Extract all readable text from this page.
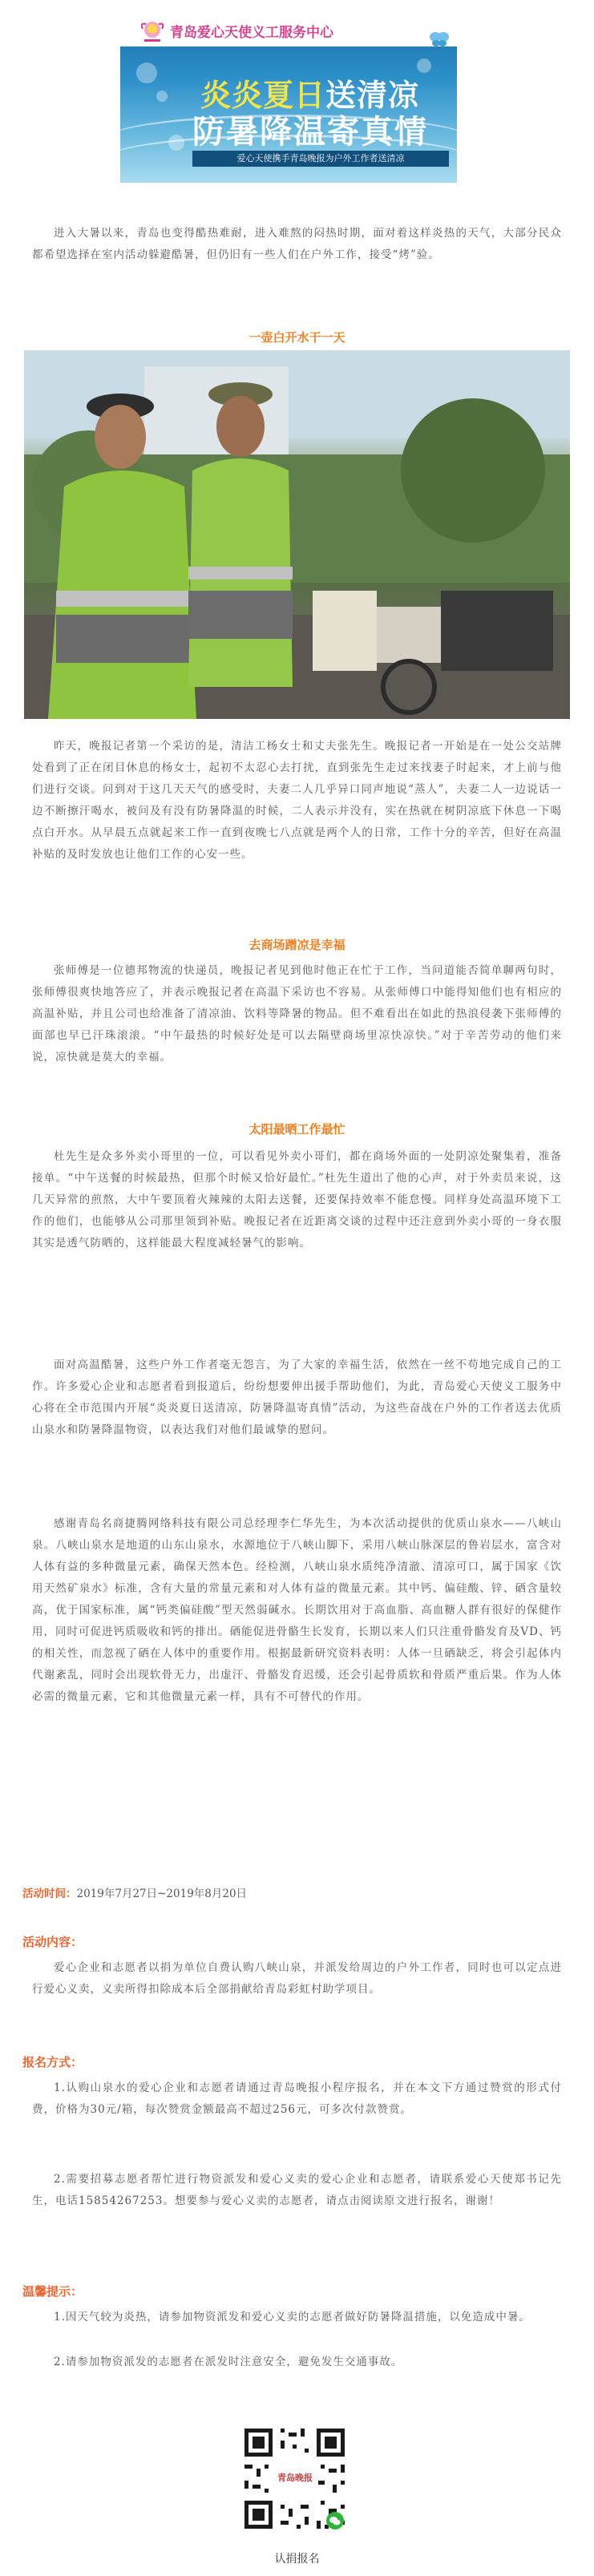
青岛爱心天使义工服务中心
炎炎夏日送清凉
防暑降温寄真情
爱心天使携手青岛晚报为户外工作者送清凉
进入大暑以来，青岛也变得酷热难耐，进入难熬的闷热时期，面对着这样炎热的天气，大部分民众都希望选择在室内活动躲避酷暑，但仍旧有一些人们在户外工作，接受“烤”验。
一壶白开水干一天
昨天，晚报记者第一个采访的是，清洁工杨女士和丈夫张先生。晚报记者一开始是在一处公交站牌处看到了正在闭目休息的杨女士，起初不太忍心去打扰，直到张先生走过来找妻子时起来，才上前与他们进行交谈。问到对于这几天天气的感受时，夫妻二人几乎异口同声地说“蒸人”，夫妻二人一边说话一边不断擦汗喝水，被问及有没有防暑降温的时候，二人表示并没有，实在热就在树阴凉底下休息一下喝点白开水。从早晨五点就起来工作一直到夜晚七八点就是两个人的日常，工作十分的辛苦，但好在高温补贴的及时发放也让他们工作的心安一些。
去商场蹭凉是幸福
张师傅是一位德邦物流的快递员，晚报记者见到他时他正在忙于工作，当问道能否简单聊两句时，张师傅很爽快地答应了，并表示晚报记者在高温下采访也不容易。从张师傅口中能得知他们也有相应的高温补贴，并且公司也给准备了清凉油、饮料等降暑的物品。但不难看出在如此的热浪侵袭下张师傅的面部也早已汗珠滚滚。“中午最热的时候好处是可以去隔壁商场里凉快凉快。”对于辛苦劳动的他们来说，凉快就是莫大的幸福。
太阳最晒工作最忙
杜先生是众多外卖小哥里的一位，可以看见外卖小哥们，都在商场外面的一处阴凉处聚集着，准备接单。“中午送餐的时候最热，但那个时候又恰好最忙。”杜先生道出了他的心声，对于外卖员来说，这几天异常的煎熬，大中午要顶着火辣辣的太阳去送餐，还要保持效率不能怠慢。同样身处高温环境下工作的他们，也能够从公司那里领到补贴。晚报记者在近距离交谈的过程中还注意到外卖小哥的一身衣服其实是透气防晒的，这样能最大程度减轻暑气的影响。
面对高温酷暑，这些户外工作者毫无怨言，为了大家的幸福生活，依然在一丝不苟地完成自己的工作。许多爱心企业和志愿者看到报道后，纷纷想要伸出援手帮助他们，为此，青岛爱心天使义工服务中心将在全市范围内开展“炎炎夏日送清凉，防暑降温寄真情”活动，为这些奋战在户外的工作者送去优质山泉水和防暑降温物资，以表达我们对他们最诚挚的慰问。
感谢青岛名商捷腾网络科技有限公司总经理李仁华先生，为本次活动提供的优质山泉水——八峡山泉。八峡山泉水是地道的山东山泉水，水源地位于八峡山脚下，采用八峡山脉深层的鲁岩层水，富含对人体有益的多种微量元素，确保天然本色。经检测，八峡山泉水质纯净清澈、清凉可口，属于国家《饮用天然矿泉水》标准，含有大量的常量元素和对人体有益的微量元素。其中钙、偏硅酸、锌、硒含量较高，优于国家标准，属“钙类偏硅酸”型天然弱碱水。长期饮用对于高血脂、高血糖人群有很好的保健作用，同时可促进钙质吸收和钙的排出。硒能促进骨骼生长发育，长期以来人们只注重骨骼发育及VD、钙的相关性，而忽视了硒在人体中的重要作用。根据最新研究资料表明：人体一旦硒缺乏，将会引起体内代谢紊乱，同时会出现软骨无力，出虚汗、骨骼发育迟缓，还会引起骨质软和骨质严重后果。作为人体必需的微量元素，它和其他微量元素一样，具有不可替代的作用。
活动时间：2019年7月27日~2019年8月20日
活动内容：
爱心企业和志愿者以捐为单位自费认购八峡山泉，并派发给周边的户外工作者，同时也可以定点进行爱心义卖，义卖所得扣除成本后全部捐献给青岛彩虹村助学项目。
报名方式：
1.认购山泉水的爱心企业和志愿者请通过青岛晚报小程序报名，并在本文下方通过赞赏的形式付费，价格为30元/箱，每次赞赏金额最高不超过256元，可多次付款赞赏。
2.需要招募志愿者帮忙进行物资派发和爱心义卖的爱心企业和志愿者，请联系爱心天使郑书记先生，电话15854267253。想要参与爱心义卖的志愿者，请点击阅读原文进行报名，谢谢！
温馨提示：
1.因天气较为炎热，请参加物资派发和爱心义卖的志愿者做好防暑降温措施，以免造成中暑。
2.请参加物资派发的志愿者在派发时注意安全，避免发生交通事故。
青岛晚报
认捐报名
